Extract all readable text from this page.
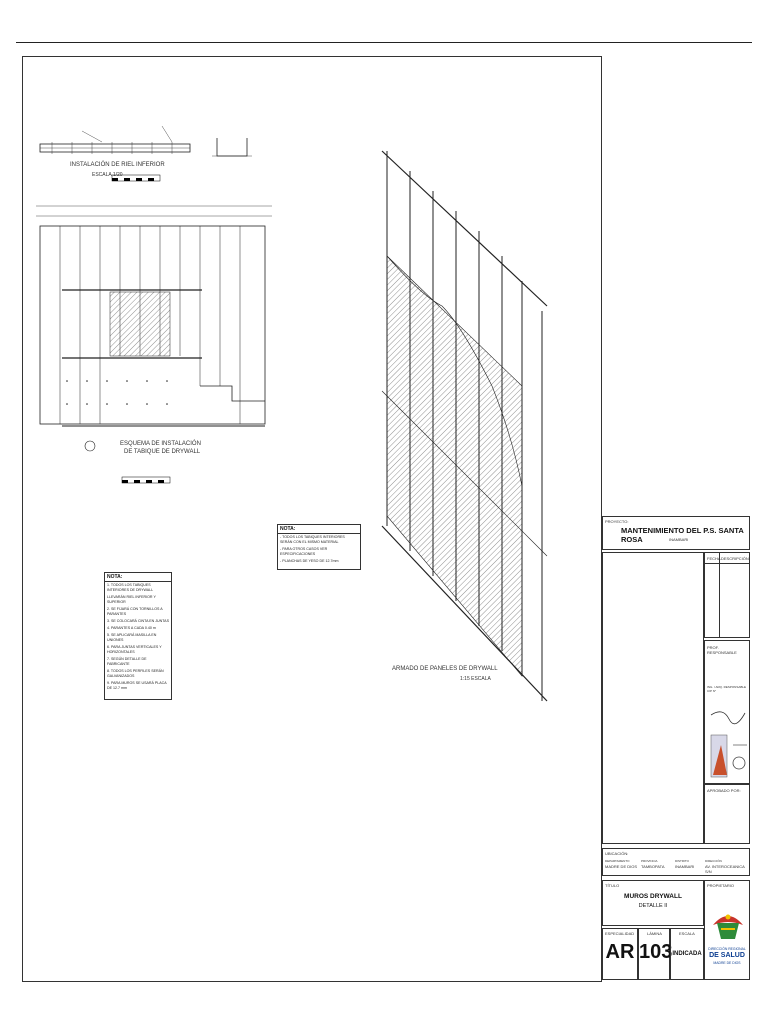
INSTALACIÓN DE RIEL INFERIOR
ESCALA 1/20
ESQUEMA DE INSTALACIÓN
DE TABIQUE DE DRYWALL
ARMADO DE PANELES DE DRYWALL
1:15 ESCALA
NOTA:
- TODOS LOS TABIQUES INTERIORES SERÁN CON EL MISMO MATERIAL
- PARA OTROS CASOS VER ESPECIFICACIONES
- PLANCHAS DE YESO DE 12.7mm
NOTA:
1. TODOS LOS TABIQUES INTERIORES DE DRYWALL
LLEVARÁN RIEL INFERIOR Y SUPERIOR
2. SE FIJARÁ CON TORNILLOS A PARANTES
3. SE COLOCARÁ CINTA EN JUNTAS
4. PARANTES A CADA 0.40 m
5. SE APLICARÁ MASILLA EN UNIONES
6. PARA JUNTAS VERTICALES Y HORIZONTALES
7. SEGÚN DETALLE DE FABRICANTE
8. TODOS LOS PERFILES SERÁN GALVANIZADOS
9. PARA MUROS SE USARÁ PLACA DE 12.7 mm
PROYECTO:
MANTENIMIENTO DEL P.S. SANTA ROSA	INAMBARI
FECHA DESCRIPCIÓN
PROF. RESPONSABLE
ING. / ARQ. RESPONSABLE CIP N°
APROBADO POR:
UBICACIÓN:
DEPARTAMENTO
MADRE DE DIOS
PROVINCIA
TAMBOPATA
DISTRITO
INAMBARI
DIRECCIÓN
AV. INTEROCEANICA S/N
TÍTULO
MUROS DRYWALL
DETALLE II
ESPECIALIDAD
AR
LÁMINA
103
ESCALA
INDICADA
PROPIETARIO
DIRECCIÓN REGIONAL
DE SALUD
MADRE DE DIOS
